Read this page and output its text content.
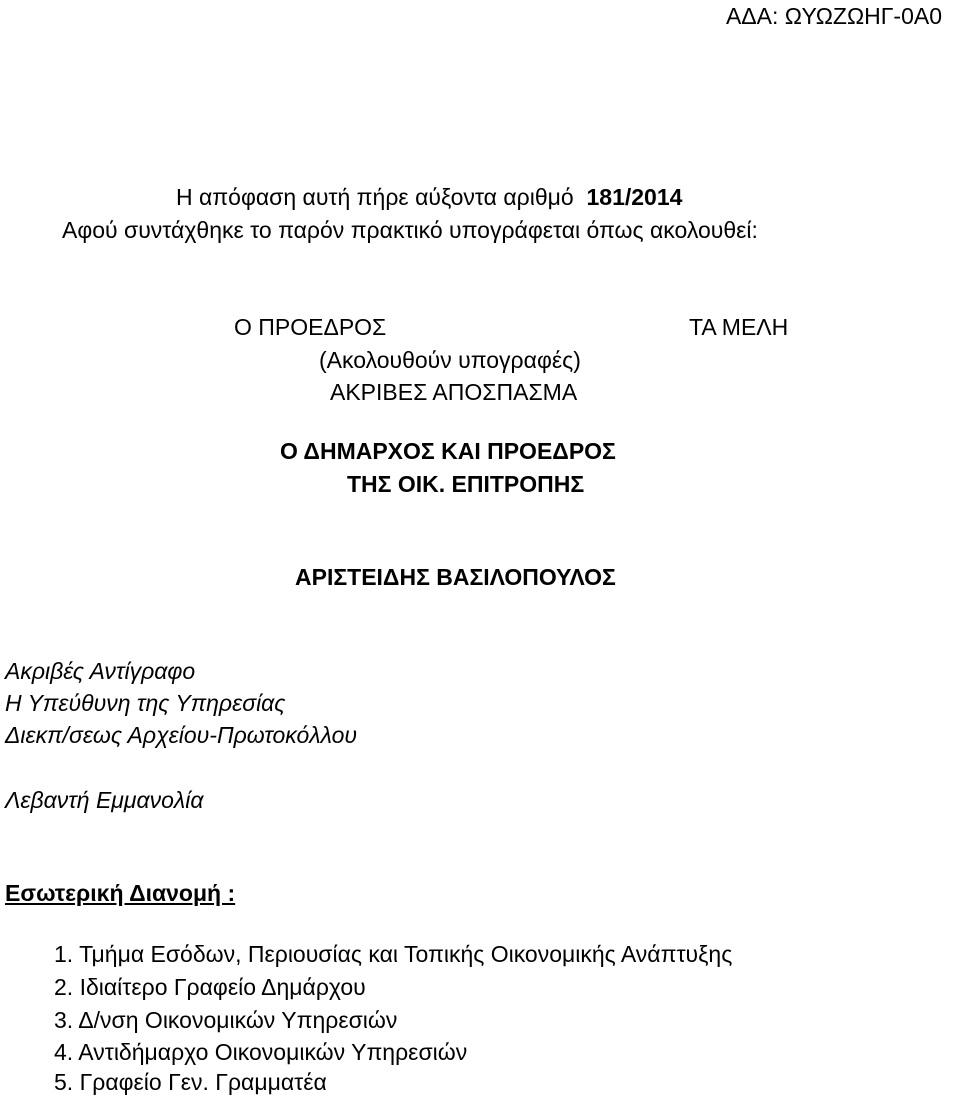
ΑΔΑ: ΩΥΩΖΩΗΓ-0Α0
Η απόφαση αυτή πήρε αύξοντα αριθμό 181/2014
Αφού συντάχθηκε το παρόν πρακτικό υπογράφεται όπως ακολουθεί:
Ο ΠΡΟΕΔΡΟΣ	ΤΑ ΜΕΛΗ
(Ακολουθούν υπογραφές)
ΑΚΡΙΒΕΣ ΑΠΟΣΠΑΣΜΑ
Ο ΔΗΜΑΡΧΟΣ ΚΑΙ ΠΡΟΕΔΡΟΣ
ΤΗΣ ΟΙΚ. ΕΠΙΤΡΟΠΗΣ
ΑΡΙΣΤΕΙΔΗΣ ΒΑΣΙΛΟΠΟΥΛΟΣ
Ακριβές Αντίγραφο
Η Υπεύθυνη της Υπηρεσίας
Διεκπ/σεως Αρχείου-Πρωτοκόλλου
Λεβαντή Εμμανολία
Εσωτερική Διανομή :
1. Τμήμα Εσόδων, Περιουσίας και Τοπικής Οικονομικής Ανάπτυξης
2. Ιδιαίτερο Γραφείο Δημάρχου
3. Δ/νση Οικονομικών Υπηρεσιών
4. Αντιδήμαρχο Οικονομικών Υπηρεσιών
5. Γραφείο Γεν. Γραμματέα
